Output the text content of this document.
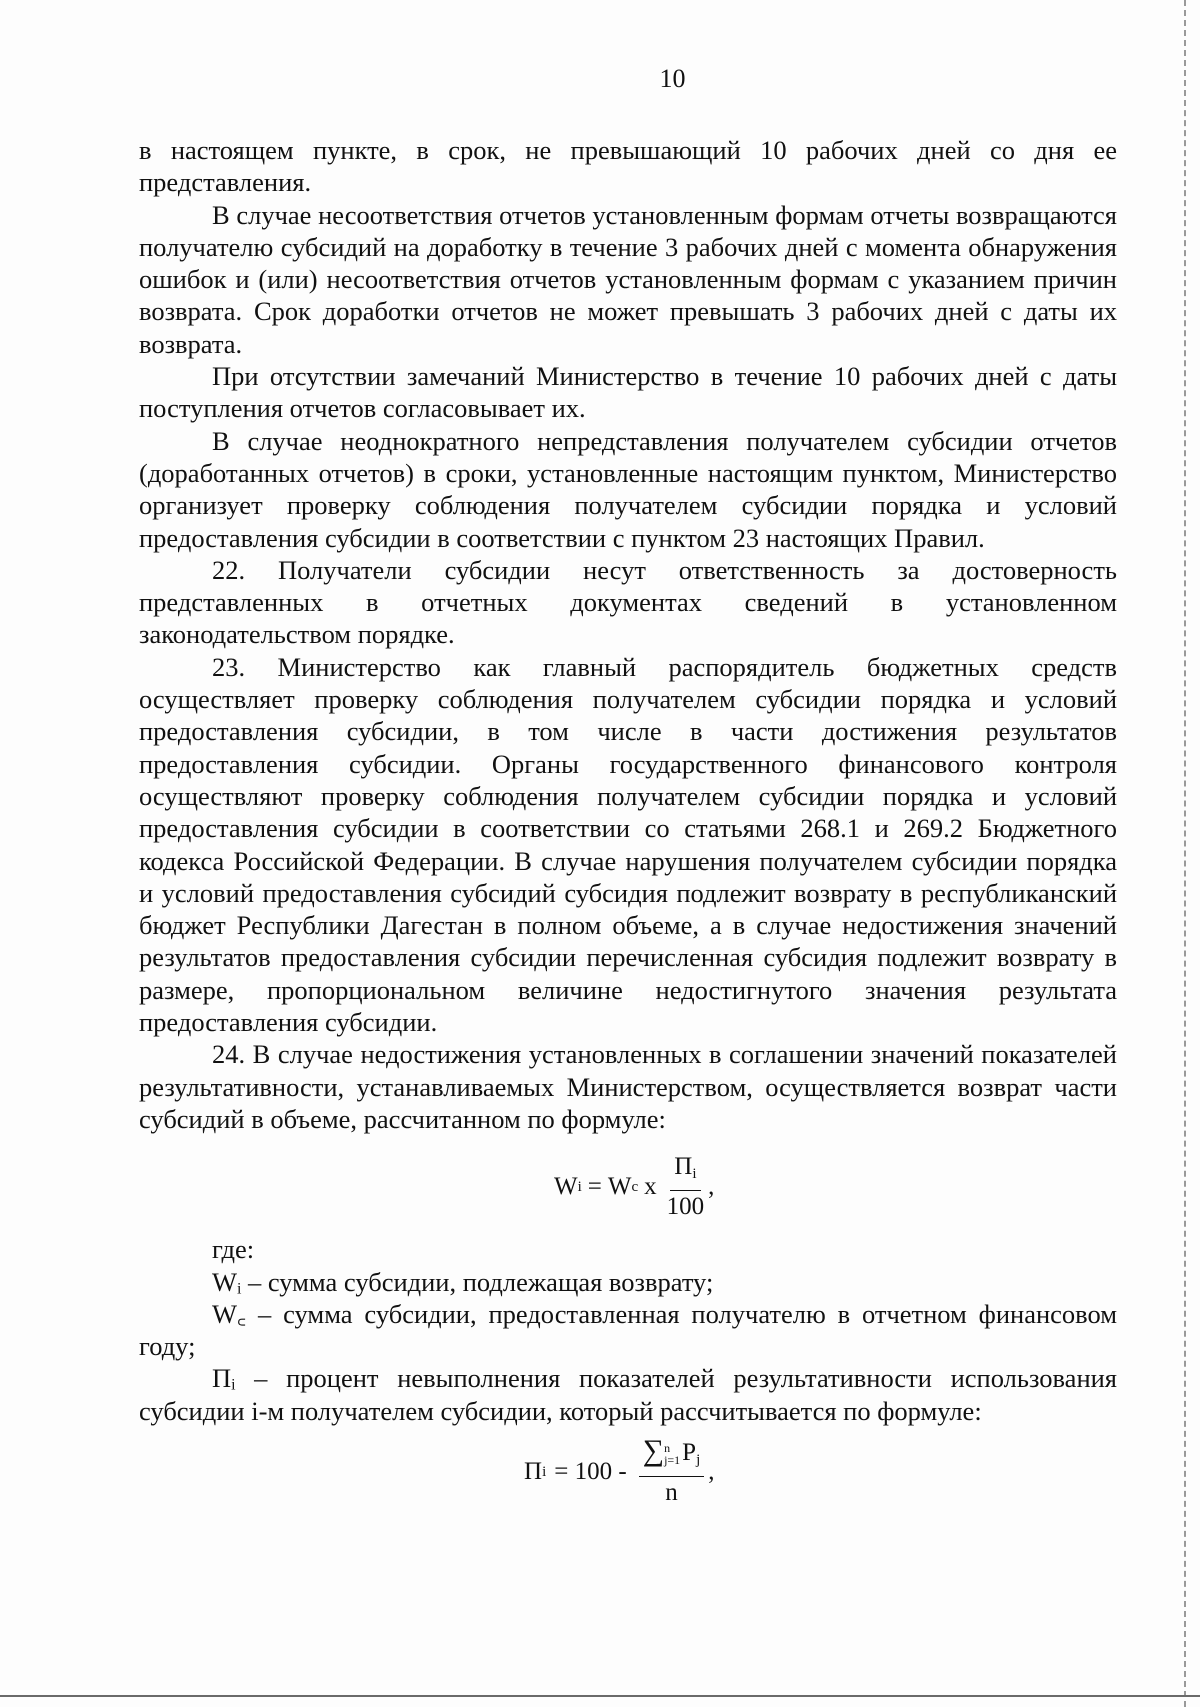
10

в настоящем пункте, в срок, не превышающий 10 рабочих дней со дня ее представления.

В случае несоответствия отчетов установленным формам отчеты возвращаются получателю субсидий на доработку в течение 3 рабочих дней с момента обнаружения ошибок и (или) несоответствия отчетов установленным формам с указанием причин возврата. Срок доработки отчетов не может превышать 3 рабочих дней с даты их возврата.

При отсутствии замечаний Министерство в течение 10 рабочих дней с даты поступления отчетов согласовывает их.

В случае неоднократного непредставления получателем субсидии отчетов (доработанных отчетов) в сроки, установленные настоящим пунктом, Министерство организует проверку соблюдения получателем субсидии порядка и условий предоставления субсидии в соответствии с пунктом 23 настоящих Правил.

22. Получатели субсидии несут ответственность за достоверность представленных в отчетных документах сведений в установленном законодательством порядке.

23. Министерство как главный распорядитель бюджетных средств осуществляет проверку соблюдения получателем субсидии порядка и условий предоставления субсидии, в том числе в части достижения результатов предоставления субсидии. Органы государственного финансового контроля осуществляют проверку соблюдения получателем субсидии порядка и условий предоставления субсидии в соответствии со статьями 268.1 и 269.2 Бюджетного кодекса Российской Федерации. В случае нарушения получателем субсидии порядка и условий предоставления субсидий субсидия подлежит возврату в республиканский бюджет Республики Дагестан в полном объеме, а в случае недостижения значений результатов предоставления субсидии перечисленная субсидия подлежит возврату в размере, пропорциональном величине недостигнутого значения результата предоставления субсидии.

24. В случае недостижения установленных в соглашении значений показателей результативности, устанавливаемых Министерством, осуществляется возврат части субсидий в объеме, рассчитанном по формуле:

W i = W c x $\frac{П_i}{100}$ ,

где:

Wᵢ – сумма субсидии, подлежащая возврату;

W꜀ – сумма субсидии, предоставленная получателю в отчетном финансовом году;

Пᵢ – процент невыполнения показателей результативности использования субсидии i-м получателем субсидии, который рассчитывается по формуле:

П i = 100 - ∑ n
j=1 $P_j$
n ,
